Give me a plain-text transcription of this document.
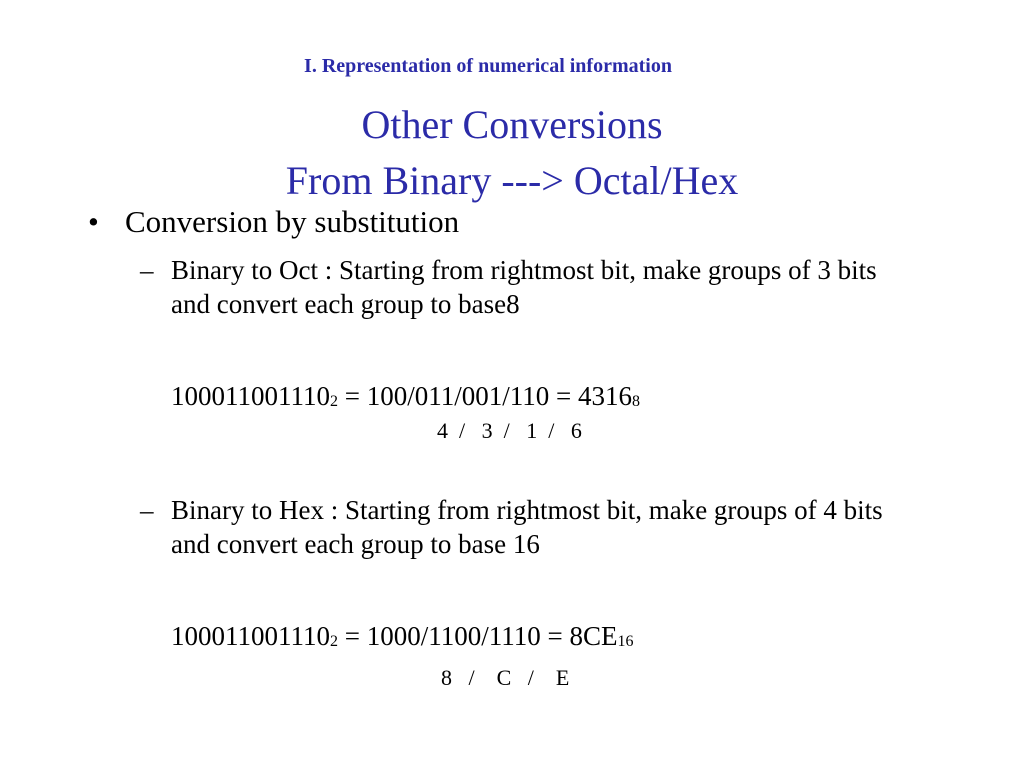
I. Representation of numerical information
Other Conversions
From Binary ---> Octal/Hex
• Conversion by substitution
– Binary to Oct : Starting from rightmost bit, make groups of 3 bits and convert each group to base8
$100011001110_2 = 100/011/001/110 = 4316_8$
4  /   3  /   1  /   6
– Binary to Hex : Starting from rightmost bit, make groups of 4 bits and convert each group to base 16
$100011001110_2 = 1000/1100/1110 = 8CE_{16}$
8   /    C   /    E
